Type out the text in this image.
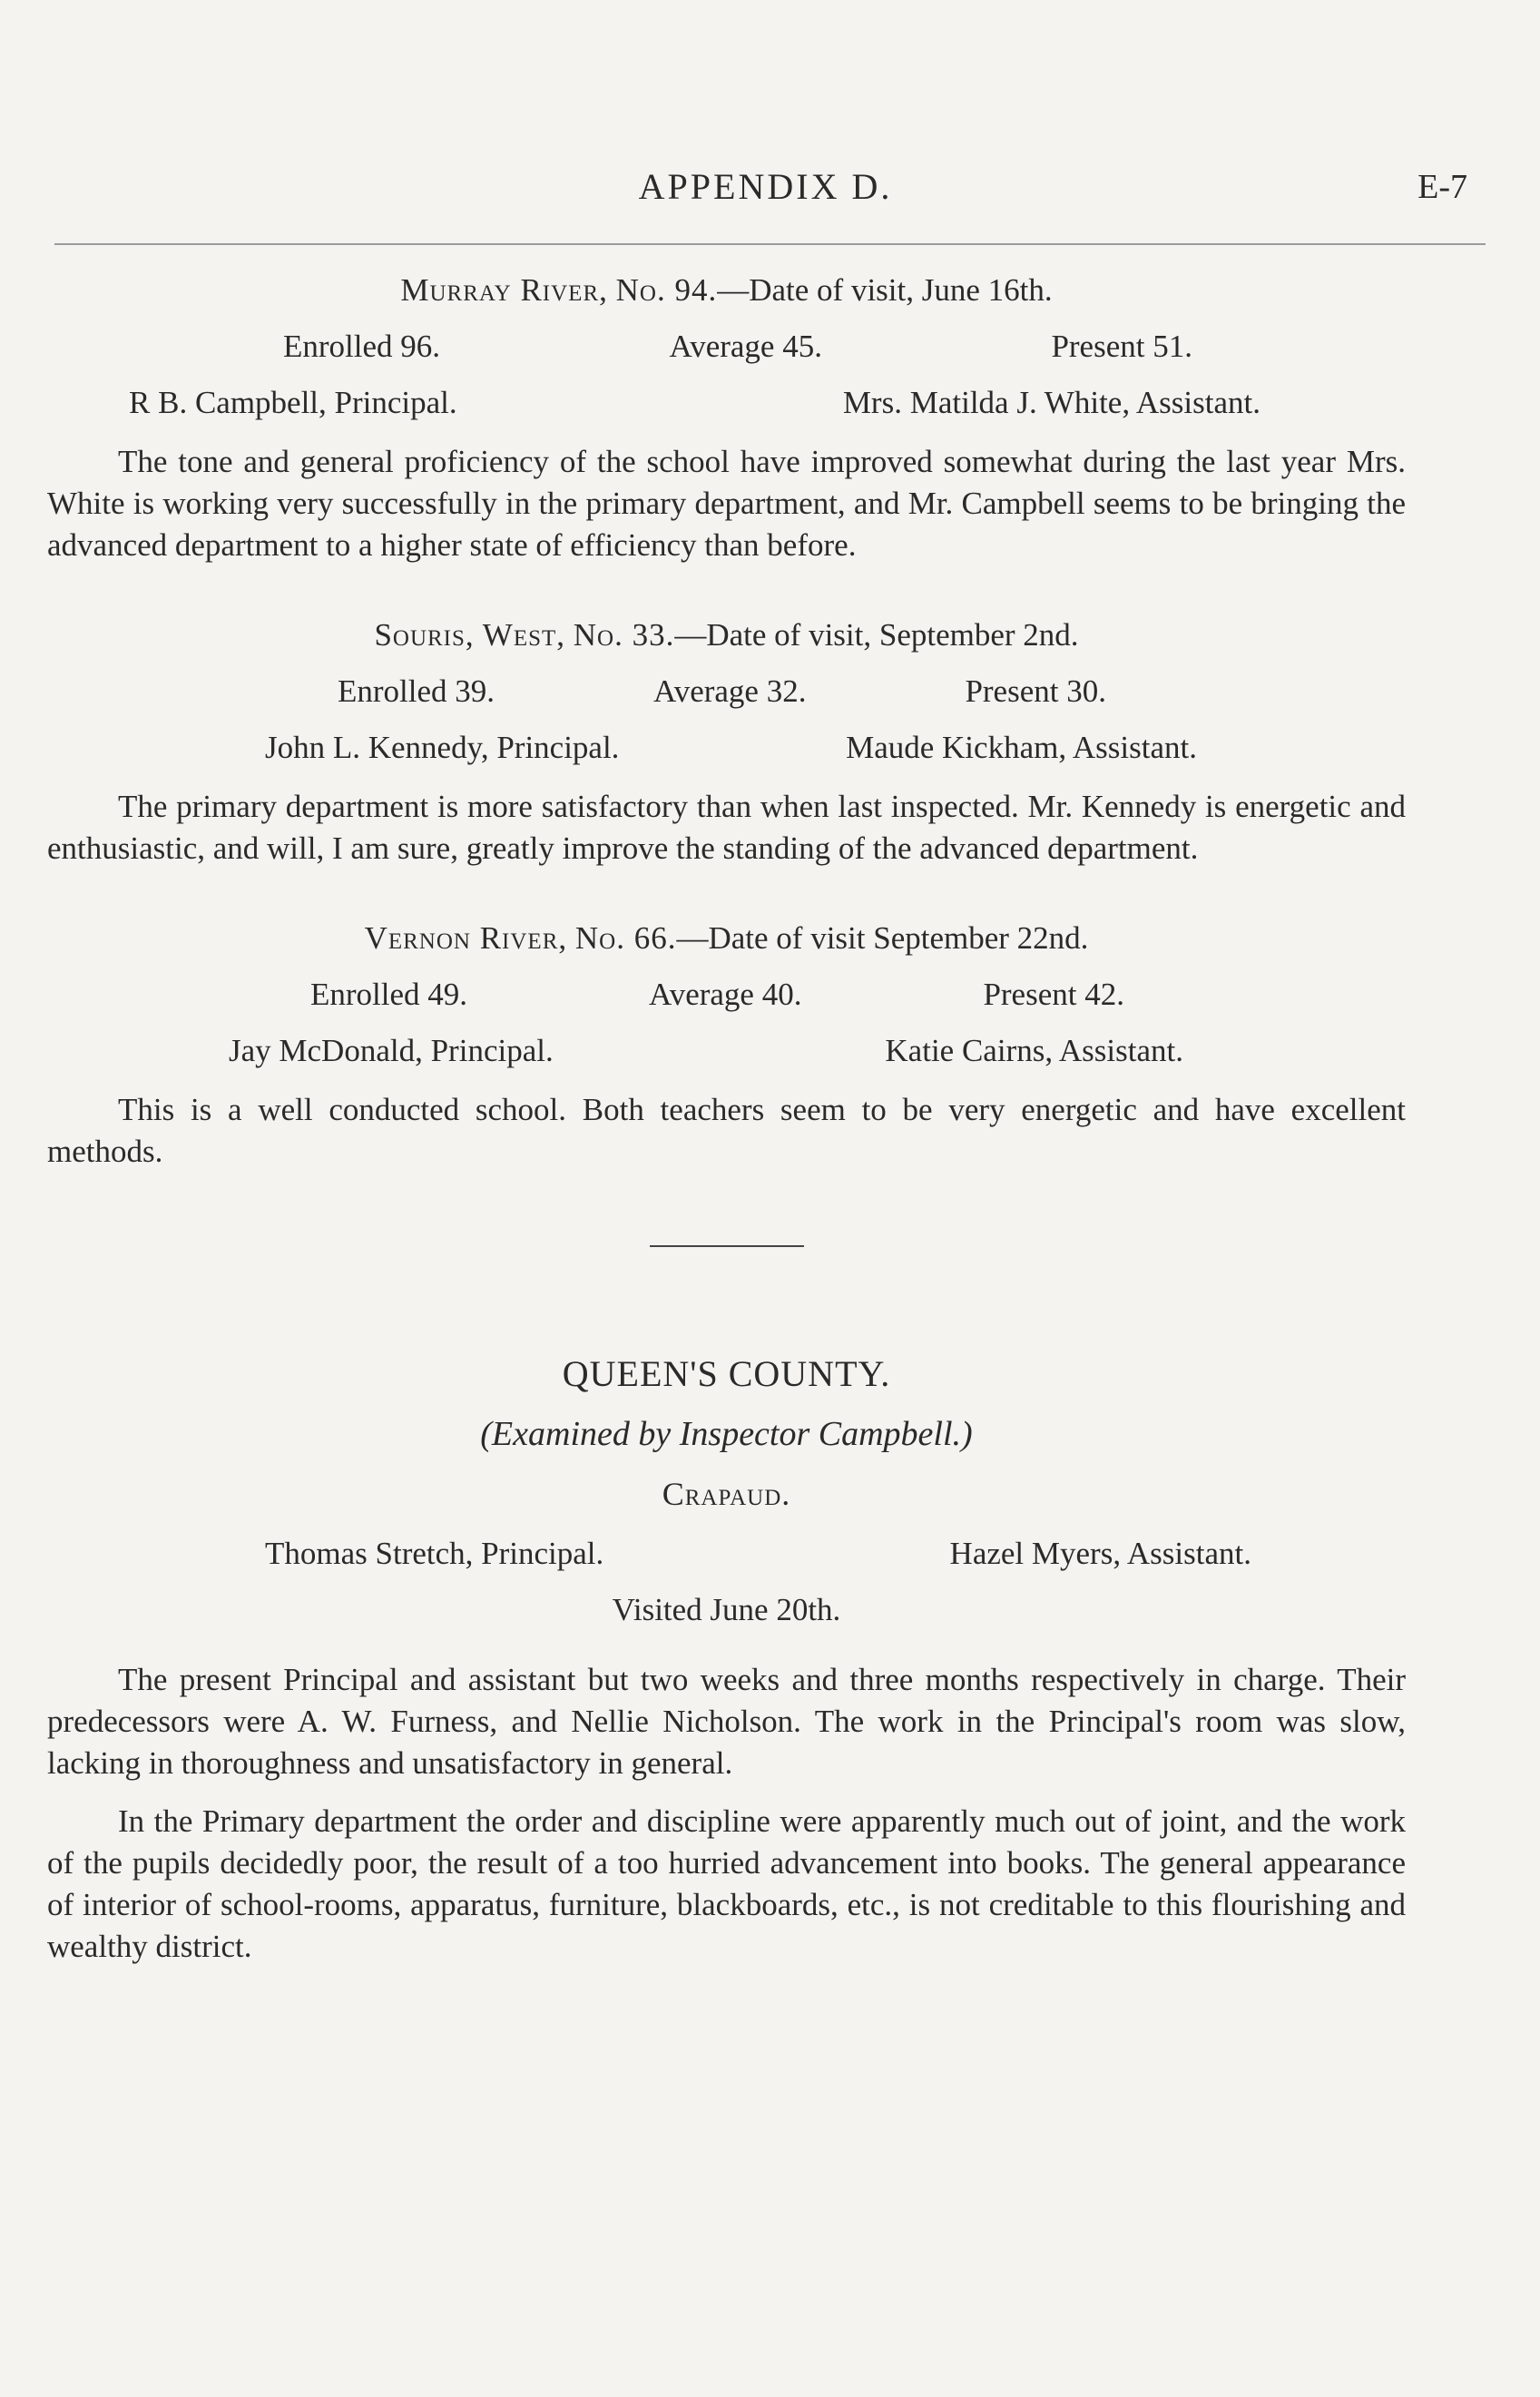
APPENDIX D.	E-7
Murray River, No. 94.—Date of visit, June 16th.
Enrolled 96.	Average 45.	Present 51.
R B. Campbell, Principal.	Mrs. Matilda J. White, Assistant.

The tone and general proficiency of the school have improved somewhat during the last year Mrs. White is working very successfully in the primary department, and Mr. Campbell seems to be bringing the advanced department to a higher state of efficiency than before.

Souris, West, No. 33.—Date of visit, September 2nd.
Enrolled 39.	Average 32.	Present 30.
John L. Kennedy, Principal.	Maude Kickham, Assistant.

The primary department is more satisfactory than when last inspected. Mr. Kennedy is energetic and enthusiastic, and will, I am sure, greatly improve the standing of the advanced department.

Vernon River, No. 66.—Date of visit September 22nd.
Enrolled 49.	Average 40.	Present 42.
Jay McDonald, Principal.	Katie Cairns, Assistant.

This is a well conducted school. Both teachers seem to be very energetic and have excellent methods.

QUEEN'S COUNTY.
(Examined by Inspector Campbell.)
Crapaud.
Thomas Stretch, Principal.	Hazel Myers, Assistant.
Visited June 20th.

The present Principal and assistant but two weeks and three months respectively in charge. Their predecessors were A. W. Furness, and Nellie Nicholson. The work in the Principal's room was slow, lacking in thoroughness and unsatisfactory in general.

In the Primary department the order and discipline were apparently much out of joint, and the work of the pupils decidedly poor, the result of a too hurried advancement into books. The general appearance of interior of school-rooms, apparatus, furniture, blackboards, etc., is not creditable to this flourishing and wealthy district.
